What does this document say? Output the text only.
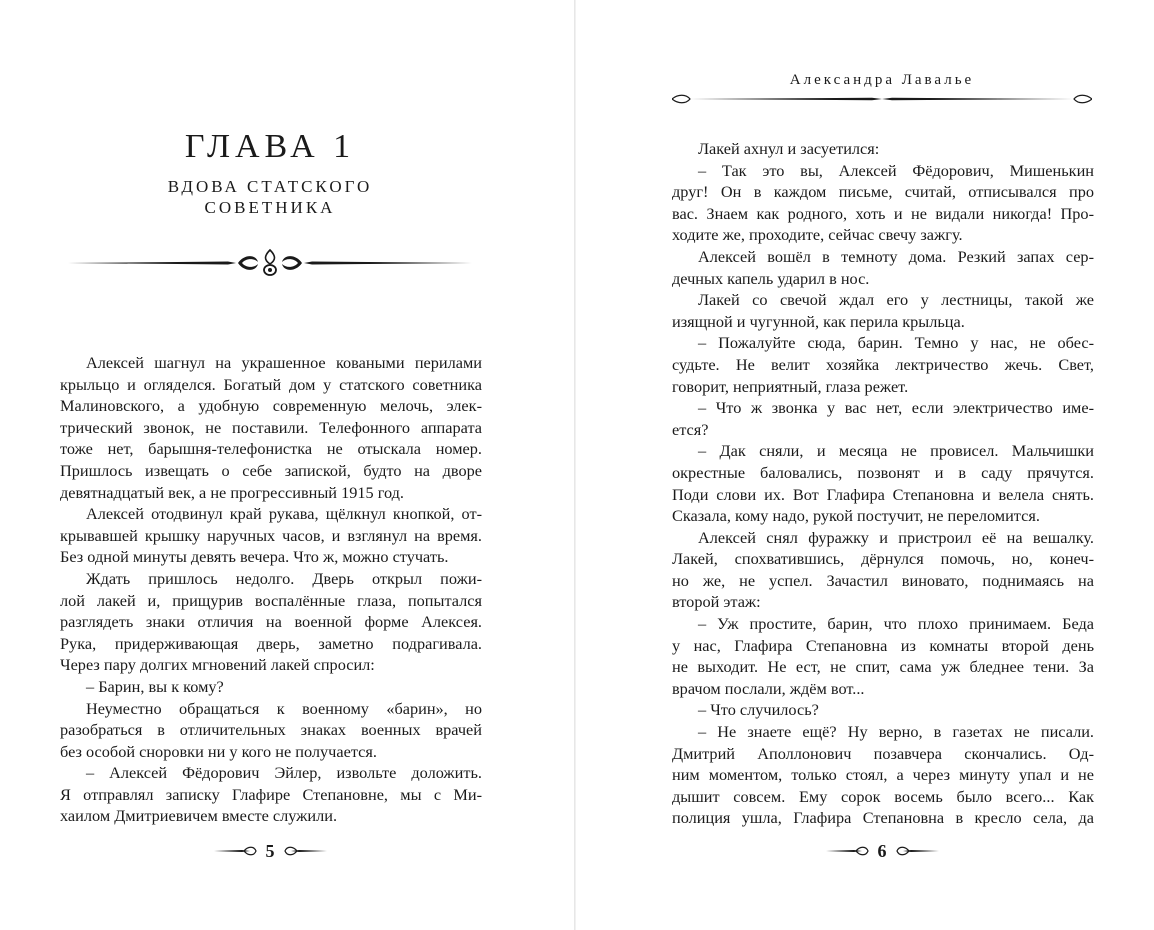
ГЛАВА 1
ВДОВА СТАТСКОГО
СОВЕТНИКА
Алексей шагнул на украшенное коваными перилами
крыльцо и огляделся. Богатый дом у статского советника
Малиновского, а удобную современную мелочь, элек-
трический звонок, не поставили. Телефонного аппарата
тоже нет, барышня-телефонистка не отыскала номер.
Пришлось извещать о себе запиской, будто на дворе
девятнадцатый век, а не прогрессивный 1915 год.
Алексей отодвинул край рукава, щёлкнул кнопкой, от-
крывавшей крышку наручных часов, и взглянул на время.
Без одной минуты девять вечера. Что ж, можно стучать.
Ждать пришлось недолго. Дверь открыл пожи-
лой лакей и, прищурив воспалённые глаза, попытался
разглядеть знаки отличия на военной форме Алексея.
Рука, придерживающая дверь, заметно подрагивала.
Через пару долгих мгновений лакей спросил:
– Барин, вы к кому?
Неуместно обращаться к военному «барин», но
разобраться в отличительных знаках военных врачей
без особой сноровки ни у кого не получается.
– Алексей Фёдорович Эйлер, извольте доложить.
Я отправлял записку Глафире Степановне, мы с Ми-
хаилом Дмитриевичем вместе служили.
5
Александра Лавалье
Лакей ахнул и засуетился:
– Так это вы, Алексей Фёдорович, Мишенькин
друг! Он в каждом письме, считай, отписывался про
вас. Знаем как родного, хоть и не видали никогда! Про-
ходите же, проходите, сейчас свечу зажгу.
Алексей вошёл в темноту дома. Резкий запах сер-
дечных капель ударил в нос.
Лакей со свечой ждал его у лестницы, такой же
изящной и чугунной, как перила крыльца.
– Пожалуйте сюда, барин. Темно у нас, не обес-
судьте. Не велит хозяйка лектричество жечь. Свет,
говорит, неприятный, глаза режет.
– Что ж звонка у вас нет, если электричество име-
ется?
– Дак сняли, и месяца не провисел. Мальчишки
окрестные баловались, позвонят и в саду прячутся.
Поди слови их. Вот Глафира Степановна и велела снять.
Сказала, кому надо, рукой постучит, не переломится.
Алексей снял фуражку и пристроил её на вешалку.
Лакей, спохватившись, дёрнулся помочь, но, конеч-
но же, не успел. Зачастил виновато, поднимаясь на
второй этаж:
– Уж простите, барин, что плохо принимаем. Беда
у нас, Глафира Степановна из комнаты второй день
не выходит. Не ест, не спит, сама уж бледнее тени. За
врачом послали, ждём вот...
– Что случилось?
– Не знаете ещё? Ну верно, в газетах не писали.
Дмитрий Аполлонович позавчера скончались. Од-
ним моментом, только стоял, а через минуту упал и не
дышит совсем. Ему сорок восемь было всего... Как
полиция ушла, Глафира Степановна в кресло села, да
6
